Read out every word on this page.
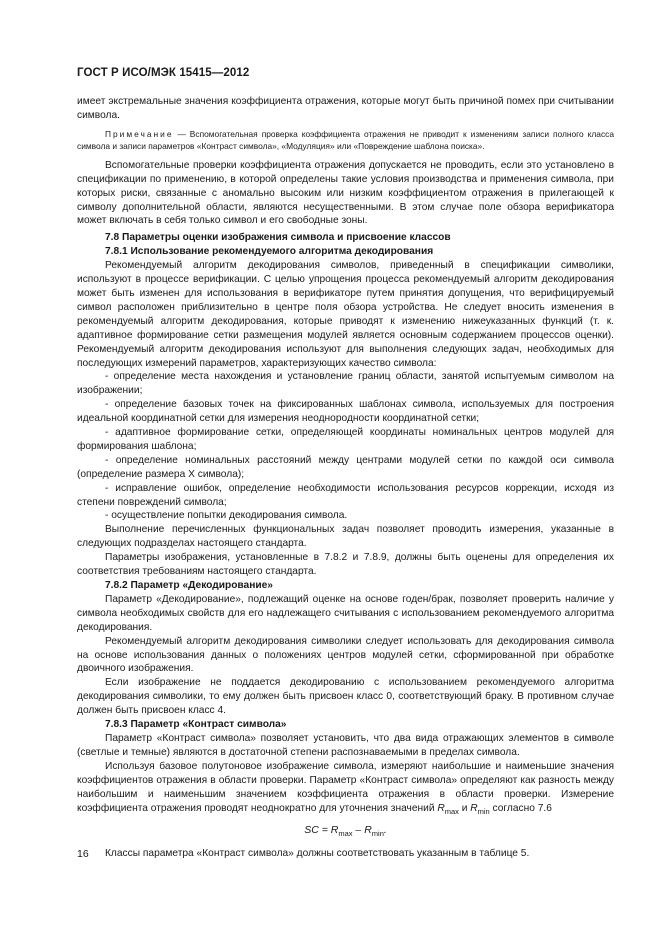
ГОСТ Р ИСО/МЭК 15415—2012

имеет экстремальные значения коэффициента отражения, которые могут быть причиной помех при считывании символа.

Примечание — Вспомогательная проверка коэффициента отражения не приводит к изменениям записи полного класса символа и записи параметров «Контраст символа», «Модуляция» или «Повреждение шаблона поиска».

Вспомогательные проверки коэффициента отражения допускается не проводить, если это установлено в спецификации по применению, в которой определены такие условия производства и применения символа, при которых риски, связанные с аномально высоким или низким коэффициентом отражения в прилегающей к символу дополнительной области, являются несущественными. В этом случае поле обзора верификатора может включать в себя только символ и его свободные зоны.

7.8 Параметры оценки изображения символа и присвоение классов

7.8.1 Использование рекомендуемого алгоритма декодирования

Рекомендуемый алгоритм декодирования символов, приведенный в спецификации символики, используют в процессе верификации. С целью упрощения процесса рекомендуемый алгоритм декодирования может быть изменен для использования в верификаторе путем принятия допущения, что верифицируемый символ расположен приблизительно в центре поля обзора устройства. Не следует вносить изменения в рекомендуемый алгоритм декодирования, которые приводят к изменению нижеуказанных функций (т. к. адаптивное формирование сетки размещения модулей является основным содержанием процессов оценки). Рекомендуемый алгоритм декодирования используют для выполнения следующих задач, необходимых для последующих измерений параметров, характеризующих качество символа:

- определение места нахождения и установление границ области, занятой испытуемым символом на изображении;

- определение базовых точек на фиксированных шаблонах символа, используемых для построения идеальной координатной сетки для измерения неоднородности координатной сетки;

- адаптивное формирование сетки, определяющей координаты номинальных центров модулей для формирования шаблона;

- определение номинальных расстояний между центрами модулей сетки по каждой оси символа (определение размера X символа);

- исправление ошибок, определение необходимости использования ресурсов коррекции, исходя из степени повреждений символа;

- осуществление попытки декодирования символа.

Выполнение перечисленных функциональных задач позволяет проводить измерения, указанные в следующих подразделах настоящего стандарта.

Параметры изображения, установленные в 7.8.2 и 7.8.9, должны быть оценены для определения их соответствия требованиям настоящего стандарта.

7.8.2 Параметр «Декодирование»

Параметр «Декодирование», подлежащий оценке на основе годен/брак, позволяет проверить наличие у символа необходимых свойств для его надлежащего считывания с использованием рекомендуемого алгоритма декодирования.

Рекомендуемый алгоритм декодирования символики следует использовать для декодирования символа на основе использования данных о положениях центров модулей сетки, сформированной при обработке двоичного изображения.

Если изображение не поддается декодированию с использованием рекомендуемого алгоритма декодирования символики, то ему должен быть присвоен класс 0, соответствующий браку. В противном случае должен быть присвоен класс 4.

7.8.3 Параметр «Контраст символа»

Параметр «Контраст символа» позволяет установить, что два вида отражающих элементов в символе (светлые и темные) являются в достаточной степени распознаваемыми в пределах символа.

Используя базовое полутоновое изображение символа, измеряют наибольшие и наименьшие значения коэффициентов отражения в области проверки. Параметр «Контраст символа» определяют как разность между наибольшим и наименьшим значением коэффициента отражения в области проверки. Измерение коэффициента отражения проводят неоднократно для уточнения значений $R_{max}$ и $R_{min}$ согласно 7.6

SC = $R_{max} - R_{min}$.

Классы параметра «Контраст символа» должны соответствовать указанным в таблице 5.

16
